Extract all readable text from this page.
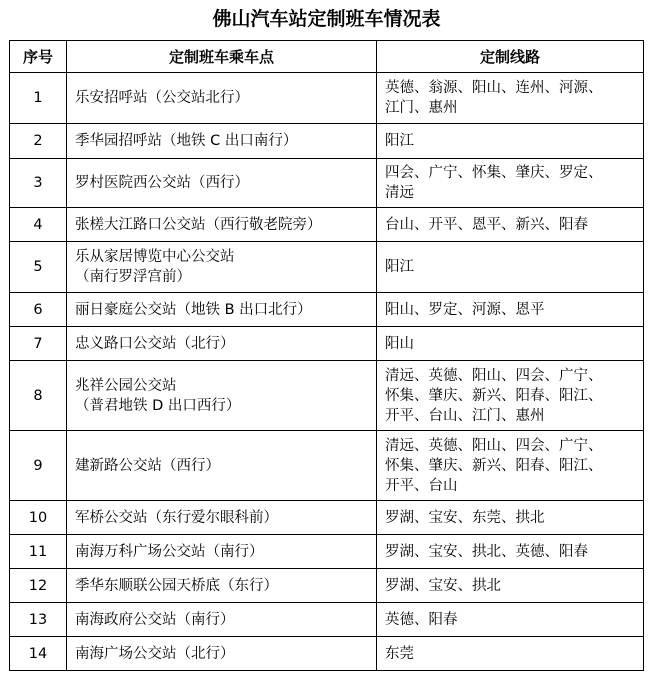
佛山汽车站定制班车情况表
序号	定制班车乘车点	定制线路
1	乐安招呼站（公交站北行）	英德、翁源、阳山、连州、河源、
江门、惠州

2	季华园招呼站（地铁 C 出口南行）	阳江

3	罗村医院西公交站（西行）	四会、广宁、怀集、肇庆、罗定、
清远

4	张槎大江路口公交站（西行敬老院旁）	台山、开平、恩平、新兴、阳春

5	乐从家居博览中心公交站
（南行罗浮宫前）	阳江

6	丽日豪庭公交站（地铁 B 出口北行）	阳山、罗定、河源、恩平

7	忠义路口公交站（北行）	阳山

8	兆祥公园公交站
（普君地铁 D 出口西行）	清远、英德、阳山、四会、广宁、
怀集、肇庆、新兴、阳春、阳江、
开平、台山、江门、惠州

9	建新路公交站（西行）	清远、英德、阳山、四会、广宁、
怀集、肇庆、新兴、阳春、阳江、
开平、台山

10	军桥公交站（东行爱尔眼科前）	罗湖、宝安、东莞、拱北

11	南海万科广场公交站（南行）	罗湖、宝安、拱北、英德、阳春

12	季华东顺联公园天桥底（东行）	罗湖、宝安、拱北

13	南海政府公交站（南行）	英德、阳春

14	南海广场公交站（北行）	东莞
